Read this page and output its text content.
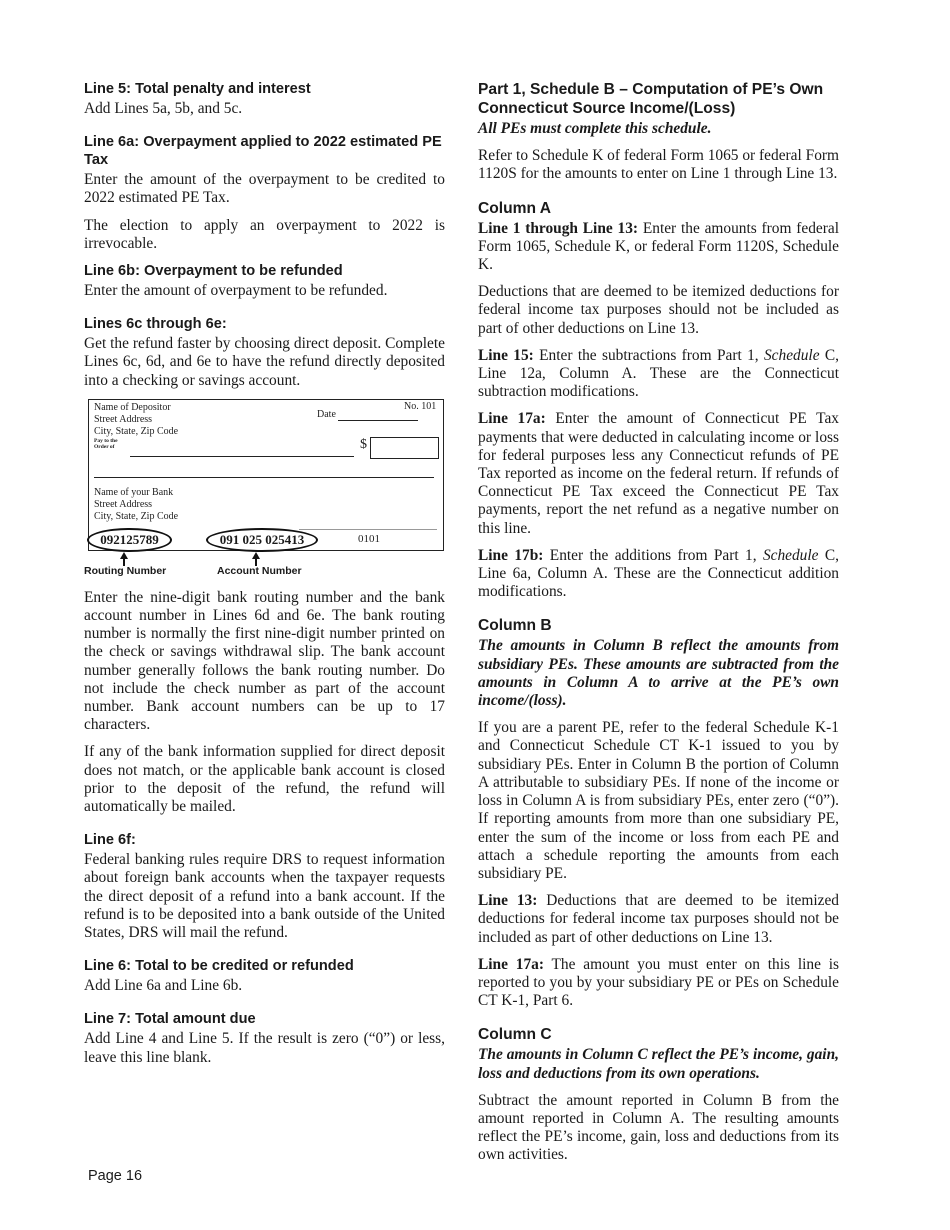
Line 5: Total penalty and interest

Add Lines 5a, 5b, and 5c.

Line 6a: Overpayment applied to 2022 estimated PE Tax

Enter the amount of the overpayment to be credited to 2022 estimated PE Tax.

The election to apply an overpayment to 2022 is irrevocable.

Line 6b: Overpayment to be refunded

Enter the amount of overpayment to be refunded.

Lines 6c through 6e:

Get the refund faster by choosing direct deposit. Complete Lines 6c, 6d, and 6e to have the refund directly deposited into a checking or savings account.

Name of Depositor
Street Address
City, State, Zip Code
Pay to the
Order of
Date
No. 101
$
Name of your Bank
Street Address
City, State, Zip Code
092125789	091 025 025413	0101
Routing Number	Account Number

Enter the nine-digit bank routing number and the bank account number in Lines 6d and 6e. The bank routing number is normally the first nine-digit number printed on the check or savings withdrawal slip. The bank account number generally follows the bank routing number. Do not include the check number as part of the account number. Bank account numbers can be up to 17 characters.

If any of the bank information supplied for direct deposit does not match, or the applicable bank account is closed prior to the deposit of the refund, the refund will automatically be mailed.

Line 6f:

Federal banking rules require DRS to request information about foreign bank accounts when the taxpayer requests the direct deposit of a refund into a bank account. If the refund is to be deposited into a bank outside of the United States, DRS will mail the refund.

Line 6: Total to be credited or refunded

Add Line 6a and Line 6b.

Line 7: Total amount due

Add Line 4 and Line 5. If the result is zero (“0”) or less, leave this line blank.

Part 1, Schedule B – Computation of PE’s Own Connecticut Source Income/(Loss)

All PEs must complete this schedule.

Refer to Schedule K of federal Form 1065 or federal Form 1120S for the amounts to enter on Line 1 through Line 13.

Column A

Line 1 through Line 13: Enter the amounts from federal Form 1065, Schedule K, or federal Form 1120S, Schedule K.

Deductions that are deemed to be itemized deductions for federal income tax purposes should not be included as part of other deductions on Line 13.

Line 15: Enter the subtractions from Part 1, Schedule C, Line 12a, Column A. These are the Connecticut subtraction modifications.

Line 17a: Enter the amount of Connecticut PE Tax payments that were deducted in calculating income or loss for federal purposes less any Connecticut refunds of PE Tax reported as income on the federal return. If refunds of Connecticut PE Tax exceed the Connecticut PE Tax payments, report the net refund as a negative number on this line.

Line 17b: Enter the additions from Part 1, Schedule C, Line 6a, Column A. These are the Connecticut addition modifications.

Column B

The amounts in Column B reflect the amounts from subsidiary PEs. These amounts are subtracted from the amounts in Column A to arrive at the PE’s own income/(loss).

If you are a parent PE, refer to the federal Schedule K-1 and Connecticut Schedule CT K-1 issued to you by subsidiary PEs. Enter in Column B the portion of Column A attributable to subsidiary PEs. If none of the income or loss in Column A is from subsidiary PEs, enter zero (“0”). If reporting amounts from more than one subsidiary PE, enter the sum of the income or loss from each PE and attach a schedule reporting the amounts from each subsidiary PE.

Line 13: Deductions that are deemed to be itemized deductions for federal income tax purposes should not be included as part of other deductions on Line 13.

Line 17a: The amount you must enter on this line is reported to you by your subsidiary PE or PEs on Schedule CT K-1, Part 6.

Column C

The amounts in Column C reflect the PE’s income, gain, loss and deductions from its own operations.

Subtract the amount reported in Column B from the amount reported in Column A. The resulting amounts reflect the PE’s income, gain, loss and deductions from its own activities.

Page 16
